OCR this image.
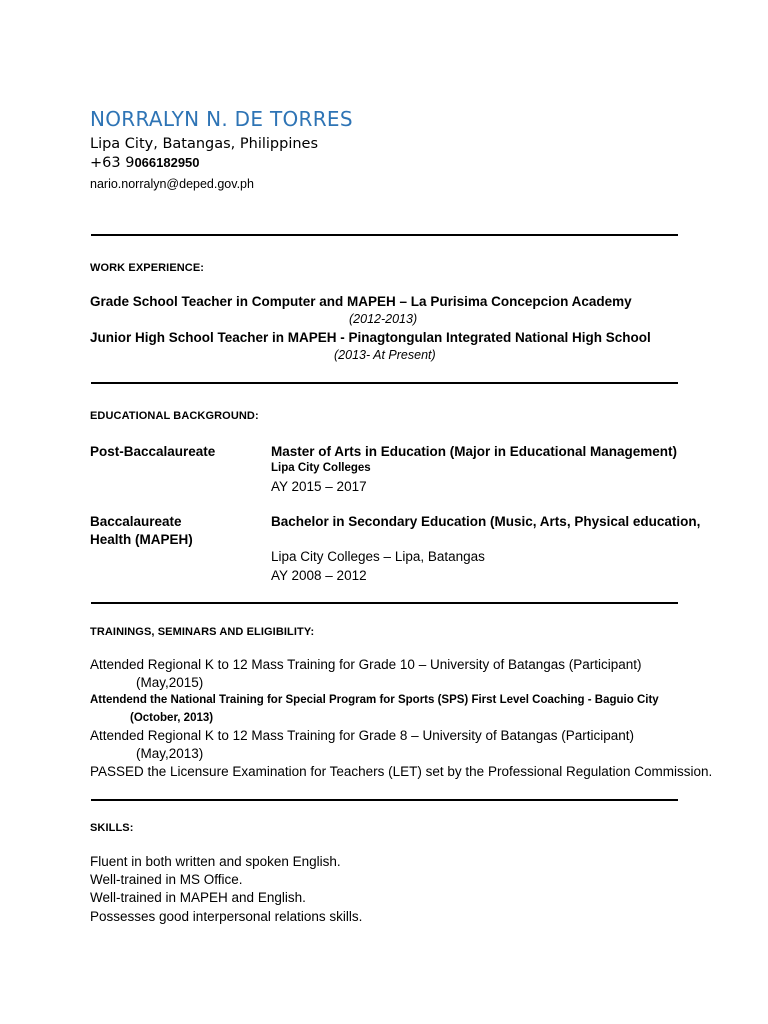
NORRALYN N. DE TORRES
Lipa City, Batangas, Philippines
+63 9066182950
nario.norralyn@deped.gov.ph
WORK EXPERIENCE:
Grade School Teacher in Computer and MAPEH – La Purisima Concepcion Academy
(2012-2013)
Junior High School Teacher in MAPEH - Pinagtongulan Integrated National High School
(2013- At Present)
EDUCATIONAL BACKGROUND:
Post-Baccalaureate	Master of Arts in Education (Major in Educational Management)
Lipa City Colleges
AY 2015 – 2017
Baccalaureate	Bachelor in Secondary Education (Music, Arts, Physical education,
Health (MAPEH)
Lipa City Colleges – Lipa, Batangas
AY 2008 – 2012
TRAININGS, SEMINARS AND ELIGIBILITY:
Attended Regional K to 12 Mass Training for Grade 10 – University of Batangas (Participant)
(May,2015)
Attendend the National Training for Special Program for Sports (SPS) First Level Coaching - Baguio City
(October, 2013)
Attended Regional K to 12 Mass Training for Grade 8 – University of Batangas (Participant)
(May,2013)
PASSED the Licensure Examination for Teachers (LET) set by the Professional Regulation Commission.
SKILLS:
Fluent in both written and spoken English.
Well-trained in MS Office.
Well-trained in MAPEH and English.
Possesses good interpersonal relations skills.
